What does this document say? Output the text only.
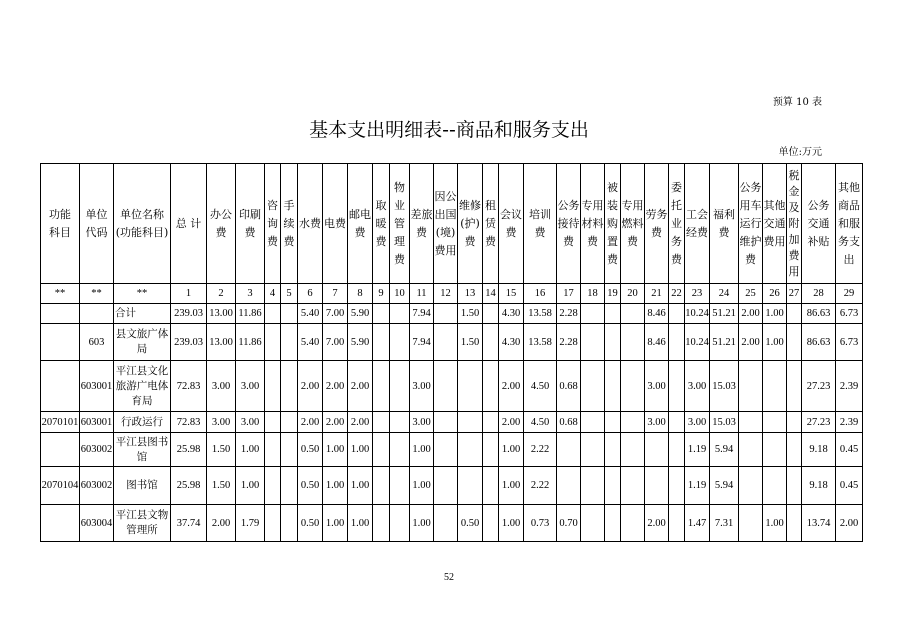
预算 10 表
基本支出明细表--商品和服务支出
单位:万元
功能科目	单位代码	单位名称(功能科目)	总 计	办公费	印刷费	咨询费	手续费	水费	电费	邮电费	取暖费	物业管理费	差旅费	因公出国(境)费用	维修(护)费	租赁费	会议费	培训费	公务接待费	专用材料费	被装购置费	专用燃料费	劳务费	委托业务费	工会经费	福利费	公务用车运行维护费	其他交通费用	税金及附加费用	公务交通补贴	其他商品和服务支出
**	**	**	1	2	3	4	5	6	7	8	9	10	11	12	13	14	15	16	17	18	19	20	21	22	23	24	25	26	27	28	29
		合计	239.03	13.00	11.86			5.40	7.00	5.90			7.94		1.50		4.30	13.58	2.28				8.46		10.24	51.21	2.00	1.00		86.63	6.73
	603	县文旅广体局	239.03	13.00	11.86			5.40	7.00	5.90			7.94		1.50		4.30	13.58	2.28				8.46		10.24	51.21	2.00	1.00		86.63	6.73
	603001	平江县文化旅游广电体育局	72.83	3.00	3.00			2.00	2.00	2.00			3.00				2.00	4.50	0.68				3.00		3.00	15.03				27.23	2.39
2070101	603001	行政运行	72.83	3.00	3.00			2.00	2.00	2.00			3.00				2.00	4.50	0.68				3.00		3.00	15.03				27.23	2.39
	603002	平江县图书馆	25.98	1.50	1.00			0.50	1.00	1.00			1.00				1.00	2.22							1.19	5.94				9.18	0.45
2070104	603002	图书馆	25.98	1.50	1.00			0.50	1.00	1.00			1.00				1.00	2.22							1.19	5.94				9.18	0.45
	603004	平江县文物管理所	37.74	2.00	1.79			0.50	1.00	1.00			1.00		0.50		1.00	0.73	0.70				2.00		1.47	7.31		1.00		13.74	2.00
52
